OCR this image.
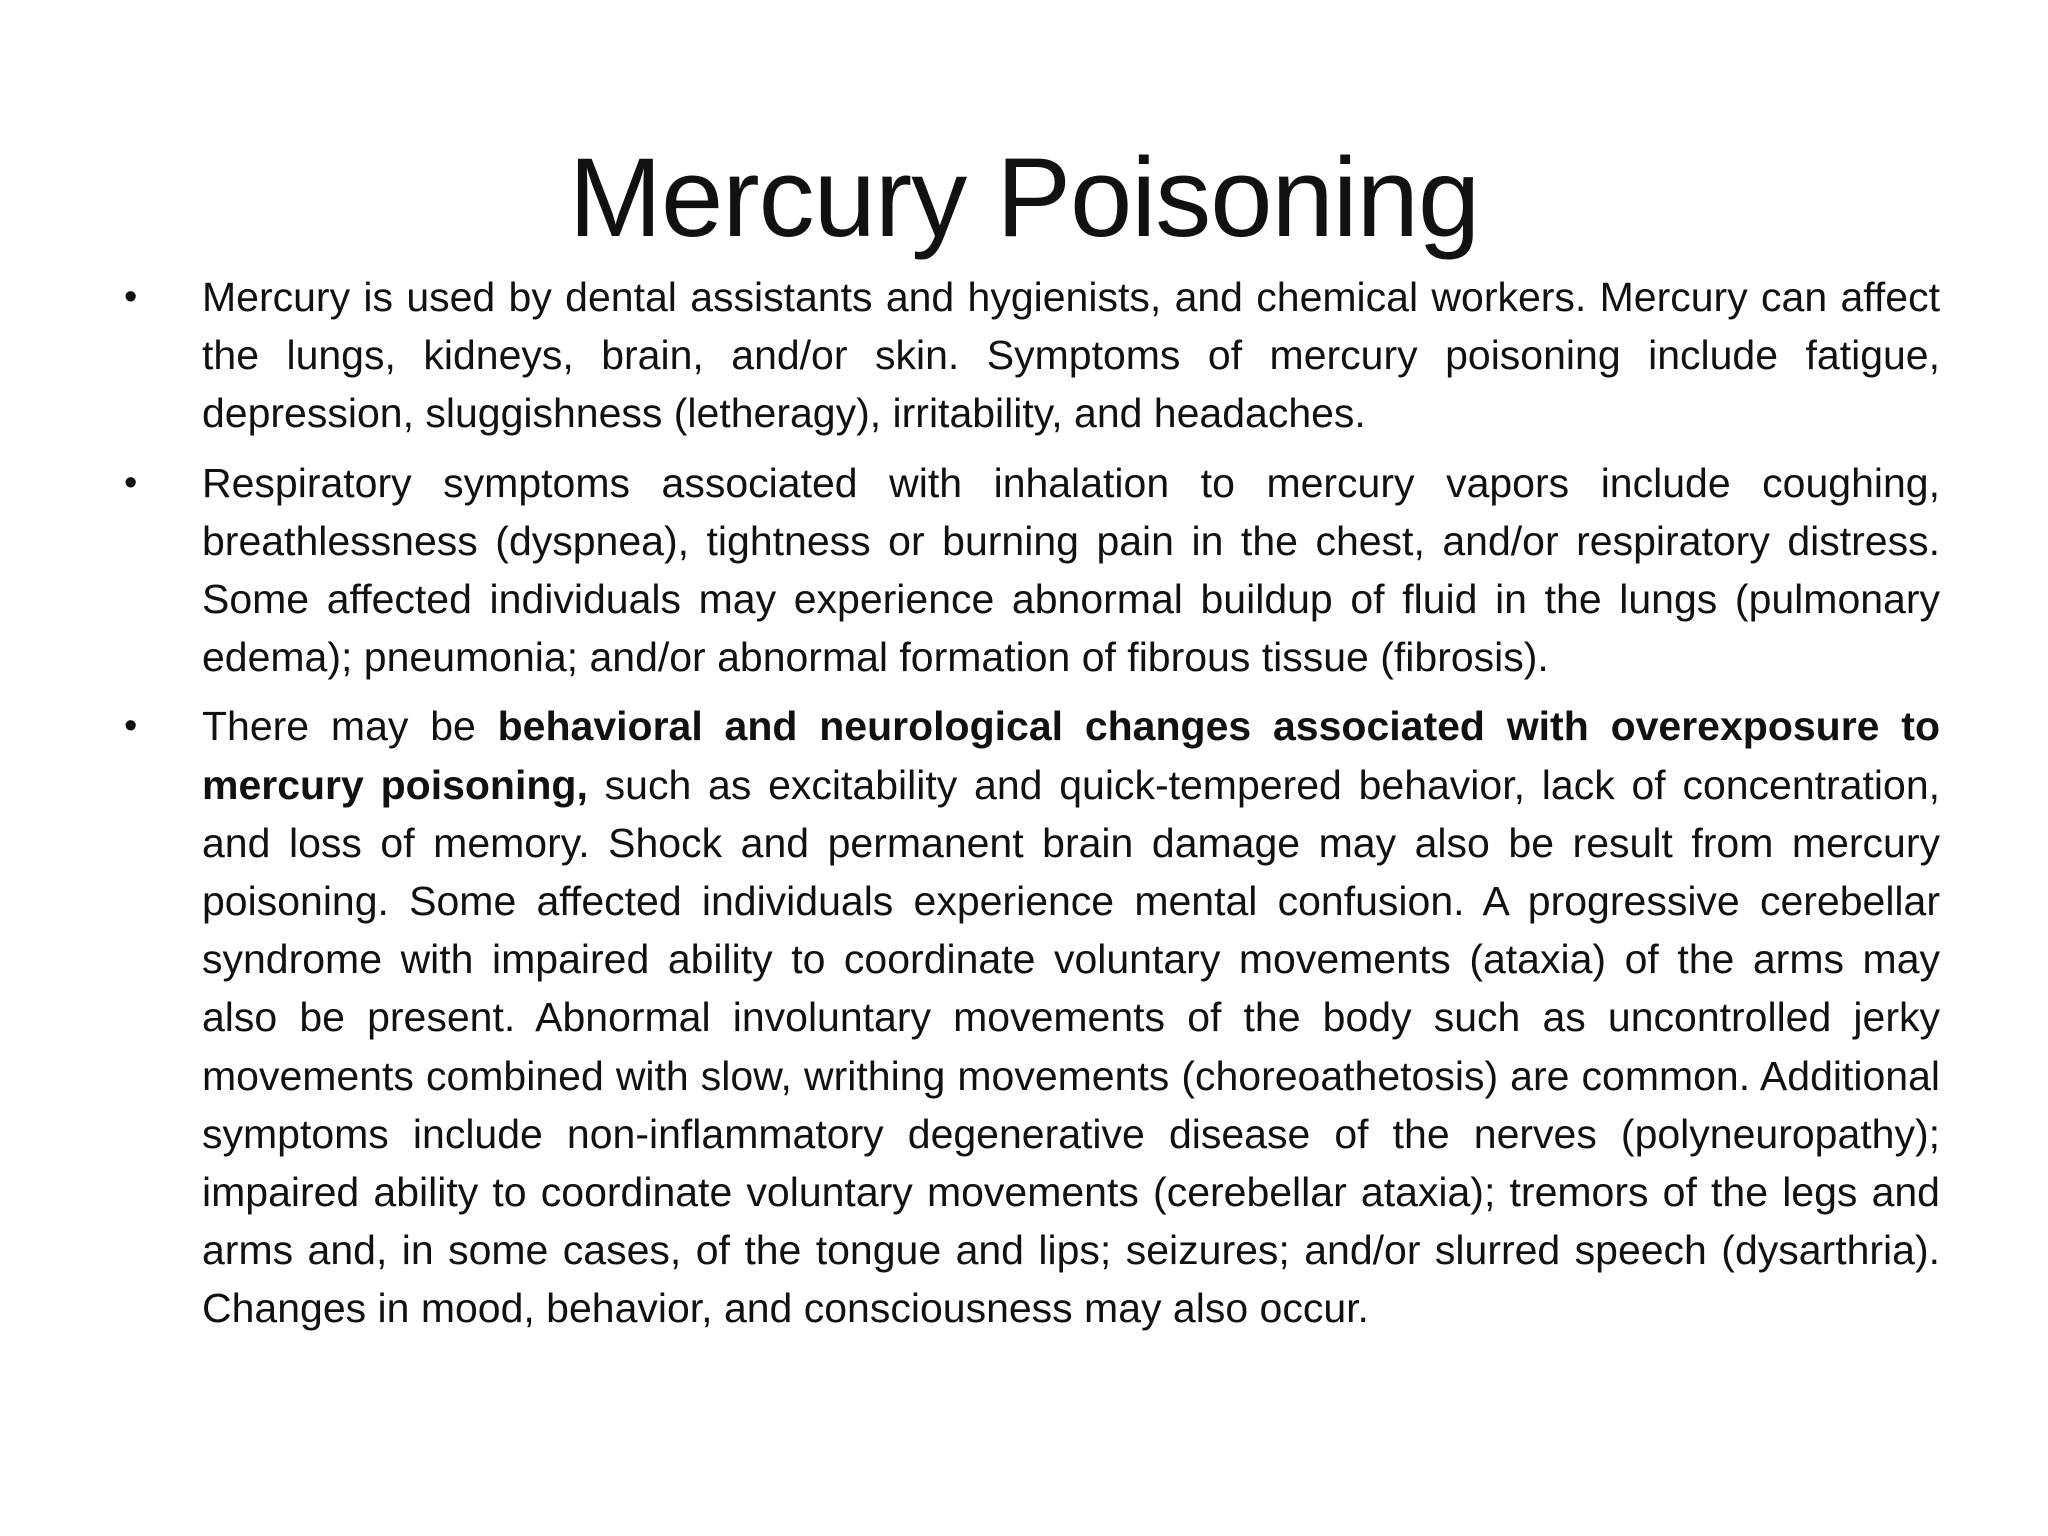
Mercury Poisoning
•	Mercury is used by dental assistants and hygienists, and chemical workers. Mercury can affect the lungs, kidneys, brain, and/or skin. Symptoms of mercury poisoning include fatigue, depression, sluggishness (letheragy), irritability, and headaches.
•	Respiratory symptoms associated with inhalation to mercury vapors include coughing, breathlessness (dyspnea), tightness or burning pain in the chest, and/or respiratory distress. Some affected individuals may experience abnormal buildup of fluid in the lungs (pulmonary edema); pneumonia; and/or abnormal formation of fibrous tissue (fibrosis).
•	There may be behavioral and neurological changes associated with overexposure to mercury poisoning, such as excitability and quick-tempered behavior, lack of concentration, and loss of memory. Shock and permanent brain damage may also be result from mercury poisoning. Some affected individuals experience mental confusion. A progressive cerebellar syndrome with impaired ability to coordinate voluntary movements (ataxia) of the arms may also be present. Abnormal involuntary movements of the body such as uncontrolled jerky movements combined with slow, writhing movements (choreoathetosis) are common. Additional symptoms include non-inflammatory degenerative disease of the nerves (polyneuropathy); impaired ability to coordinate voluntary movements (cerebellar ataxia); tremors of the legs and arms and, in some cases, of the tongue and lips; seizures; and/or slurred speech (dysarthria). Changes in mood, behavior, and consciousness may also occur.
